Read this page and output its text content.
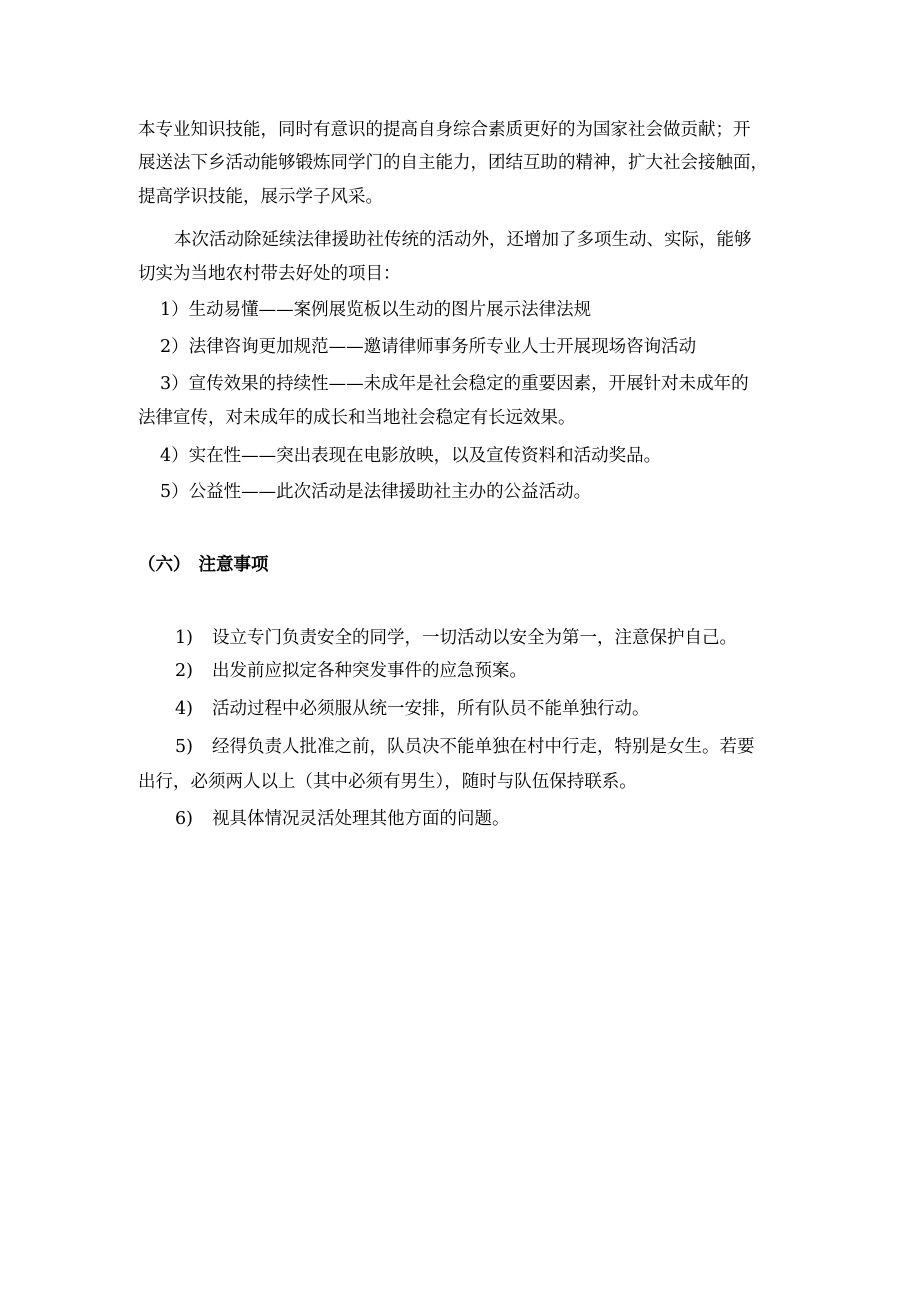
本专业知识技能，同时有意识的提高自身综合素质更好的为国家社会做贡献；开
展送法下乡活动能够锻炼同学门的自主能力，团结互助的精神，扩大社会接触面，
提高学识技能，展示学子风采。
本次活动除延续法律援助社传统的活动外，还增加了多项生动、实际，能够
切实为当地农村带去好处的项目：
1）生动易懂——案例展览板以生动的图片展示法律法规
2）法律咨询更加规范——邀请律师事务所专业人士开展现场咨询活动
3）宣传效果的持续性——未成年是社会稳定的重要因素，开展针对未成年的
法律宣传，对未成年的成长和当地社会稳定有长远效果。
4）实在性——突出表现在电影放映，以及宣传资料和活动奖品。
5）公益性——此次活动是法律援助社主办的公益活动。
（六） 注意事项
1) 设立专门负责安全的同学，一切活动以安全为第一，注意保护自己。
2) 出发前应拟定各种突发事件的应急预案。
4) 活动过程中必须服从统一安排，所有队员不能单独行动。
5) 经得负责人批准之前，队员决不能单独在村中行走，特别是女生。若要
出行，必须两人以上（其中必须有男生），随时与队伍保持联系。
6) 视具体情况灵活处理其他方面的问题。
